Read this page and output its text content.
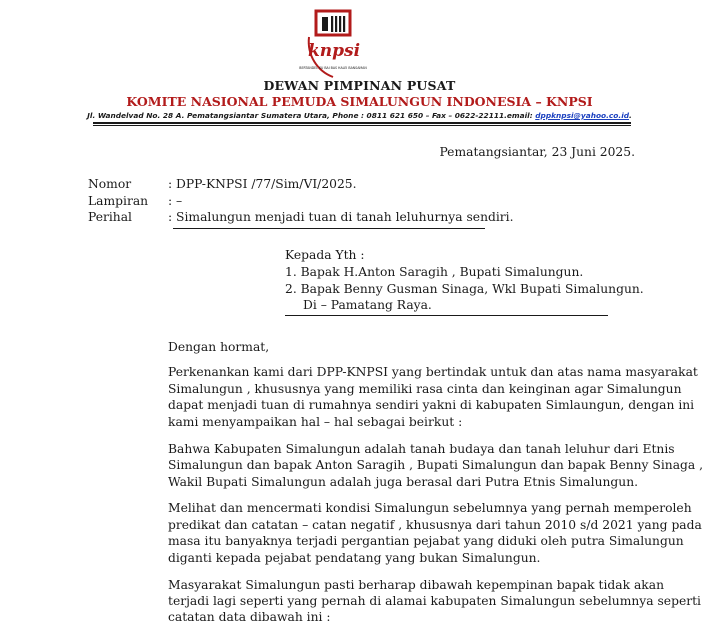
knpsi
BERTANDEL KU BAI BAS HALEI BANSAMAN
DEWAN PIMPINAN PUSAT
KOMITE NASIONAL PEMUDA SIMALUNGUN INDONESIA – KNPSI
Jl. Wandelvad No. 28 A. Pematangsiantar Sumatera Utara, Phone : 0811 621 650 – Fax – 0622-22111.email: dppknpsi@yahoo.co.id.
Pematangsiantar, 23 Juni 2025.
Nomor	: DPP-KNPSI /77/Sim/VI/2025.
Lampiran : –
Perihal	: Simalungun menjadi tuan di tanah leluhurnya sendiri.
Kepada Yth :
1. Bapak H.Anton Saragih , Bupati Simalungun.
2. Bapak Benny Gusman Sinaga, Wkl Bupati Simalungun.
Di – Pamatang Raya.
Dengan hormat,
Perkenankan kami dari DPP-KNPSI yang bertindak untuk dan atas nama masyarakat
Simalungun , khususnya yang memiliki rasa cinta dan keinginan agar Simalungun
dapat menjadi tuan di rumahnya sendiri yakni di kabupaten Simlaungun, dengan ini
kami menyampaikan hal – hal sebagai beirkut :
Bahwa Kabupaten Simalungun adalah tanah budaya dan tanah leluhur dari Etnis
Simalungun dan bapak Anton Saragih , Bupati Simalungun dan bapak Benny Sinaga ,
Wakil Bupati Simalungun adalah juga berasal dari Putra Etnis Simalungun.
Melihat dan mencermati kondisi Simalungun sebelumnya yang pernah memperoleh
predikat dan catatan – catan negatif , khususnya dari tahun 2010 s/d 2021 yang pada
masa itu banyaknya terjadi pergantian pejabat yang diduki oleh putra Simalungun
diganti kepada pejabat pendatang yang bukan Simalungun.
Masyarakat Simalungun pasti berharap dibawah kepempinan bapak tidak akan
terjadi lagi seperti yang pernah di alamai kabupaten Simalungun sebelumnya seperti
catatan data dibawah ini :
